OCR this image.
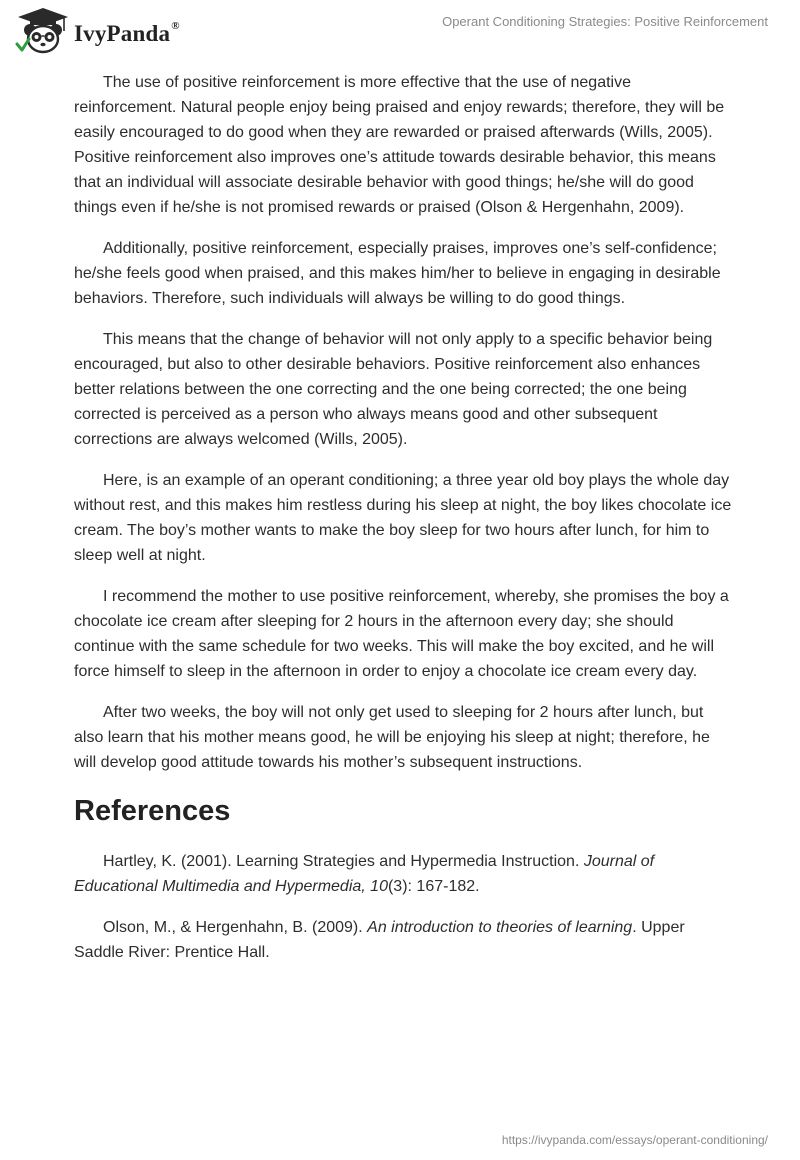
IvyPanda®	Operant Conditioning Strategies: Positive Reinforcement

The use of positive reinforcement is more effective that the use of negative reinforcement. Natural people enjoy being praised and enjoy rewards; therefore, they will be easily encouraged to do good when they are rewarded or praised afterwards (Wills, 2005). Positive reinforcement also improves one’s attitude towards desirable behavior, this means that an individual will associate desirable behavior with good things; he/she will do good things even if he/she is not promised rewards or praised (Olson & Hergenhahn, 2009).

Additionally, positive reinforcement, especially praises, improves one’s self-confidence; he/she feels good when praised, and this makes him/her to believe in engaging in desirable behaviors. Therefore, such individuals will always be willing to do good things.

This means that the change of behavior will not only apply to a specific behavior being encouraged, but also to other desirable behaviors. Positive reinforcement also enhances better relations between the one correcting and the one being corrected; the one being corrected is perceived as a person who always means good and other subsequent corrections are always welcomed (Wills, 2005).

Here, is an example of an operant conditioning; a three year old boy plays the whole day without rest, and this makes him restless during his sleep at night, the boy likes chocolate ice cream. The boy’s mother wants to make the boy sleep for two hours after lunch, for him to sleep well at night.

I recommend the mother to use positive reinforcement, whereby, she promises the boy a chocolate ice cream after sleeping for 2 hours in the afternoon every day; she should continue with the same schedule for two weeks. This will make the boy excited, and he will force himself to sleep in the afternoon in order to enjoy a chocolate ice cream every day.

After two weeks, the boy will not only get used to sleeping for 2 hours after lunch, but also learn that his mother means good, he will be enjoying his sleep at night; therefore, he will develop good attitude towards his mother’s subsequent instructions.

References

Hartley, K. (2001). Learning Strategies and Hypermedia Instruction. Journal of Educational Multimedia and Hypermedia, 10(3): 167-182.

Olson, M., & Hergenhahn, B. (2009). An introduction to theories of learning. Upper Saddle River: Prentice Hall.

https://ivypanda.com/essays/operant-conditioning/
